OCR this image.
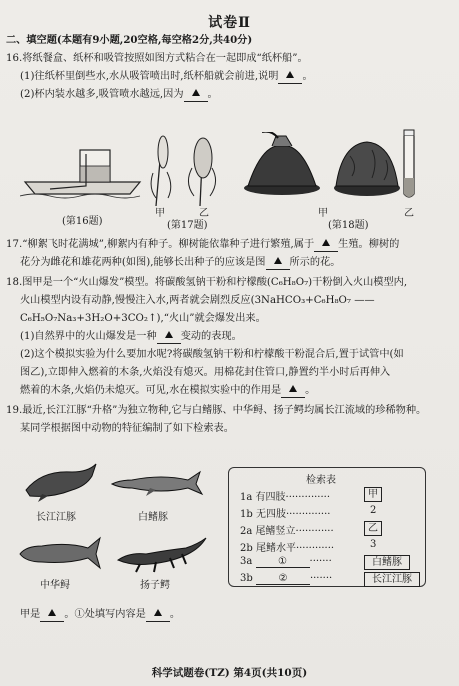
试卷Ⅱ
二、填空题(本题有9小题,20空格,每空格2分,共40分)
16.将纸餐盒、纸杯和吸管按照如图方式粘合在一起即成“纸杯船”。
(1)往纸杯里倒些水,水从吸管喷出时,纸杯船就会前进,说明 。
(2)杯内装水越多,吸管喷水越远,因为 。
(第16题)
甲	乙
(第17题)
甲	乙
(第18题)
17.“柳絮飞时花满城”,柳絮内有种子。柳树能依靠种子进行繁殖,属于 生殖。柳树的
花分为雌花和雄花两种(如图),能够长出种子的应该是图 所示的花。
18.图甲是一个“火山爆发”模型。将碳酸氢钠干粉和柠檬酸(C₆H₈O₇)干粉倒入火山模型内,
火山模型内设有动静,慢慢注入水,两者就会剧烈反应(3NaHCO₃+C₆H₈O₇ ——
C₆H₅O₇Na₃+3H₂O+3CO₂↑),“火山”就会爆发出来。
(1)自然界中的火山爆发是一种 变动的表现。
(2)这个模拟实验为什么要加水呢?将碳酸氢钠干粉和柠檬酸干粉混合后,置于试管中(如
图乙),立即伸入燃着的木条,火焰没有熄灭。用棉花封住管口,静置约半小时后再伸入
燃着的木条,火焰仍未熄灭。可见,水在模拟实验中的作用是 。
19.最近,长江江豚“升格”为独立物种,它与白鳍豚、中华鲟、扬子鳄均属长江流域的珍稀物种。
某同学根据图中动物的特征编制了如下检索表。
长江江豚	白鳍豚
中华鲟	扬子鳄
检索表
1a 有四肢··············	甲
1b 无四肢··············	2
2a 尾鳍竖立············	乙
2b 尾鳍水平············	3
3a	① ·······	白鳍豚
3b	② ·······	长江江豚
甲是 。①处填写内容是 。
科学试题卷(TZ) 第4页(共10页)
